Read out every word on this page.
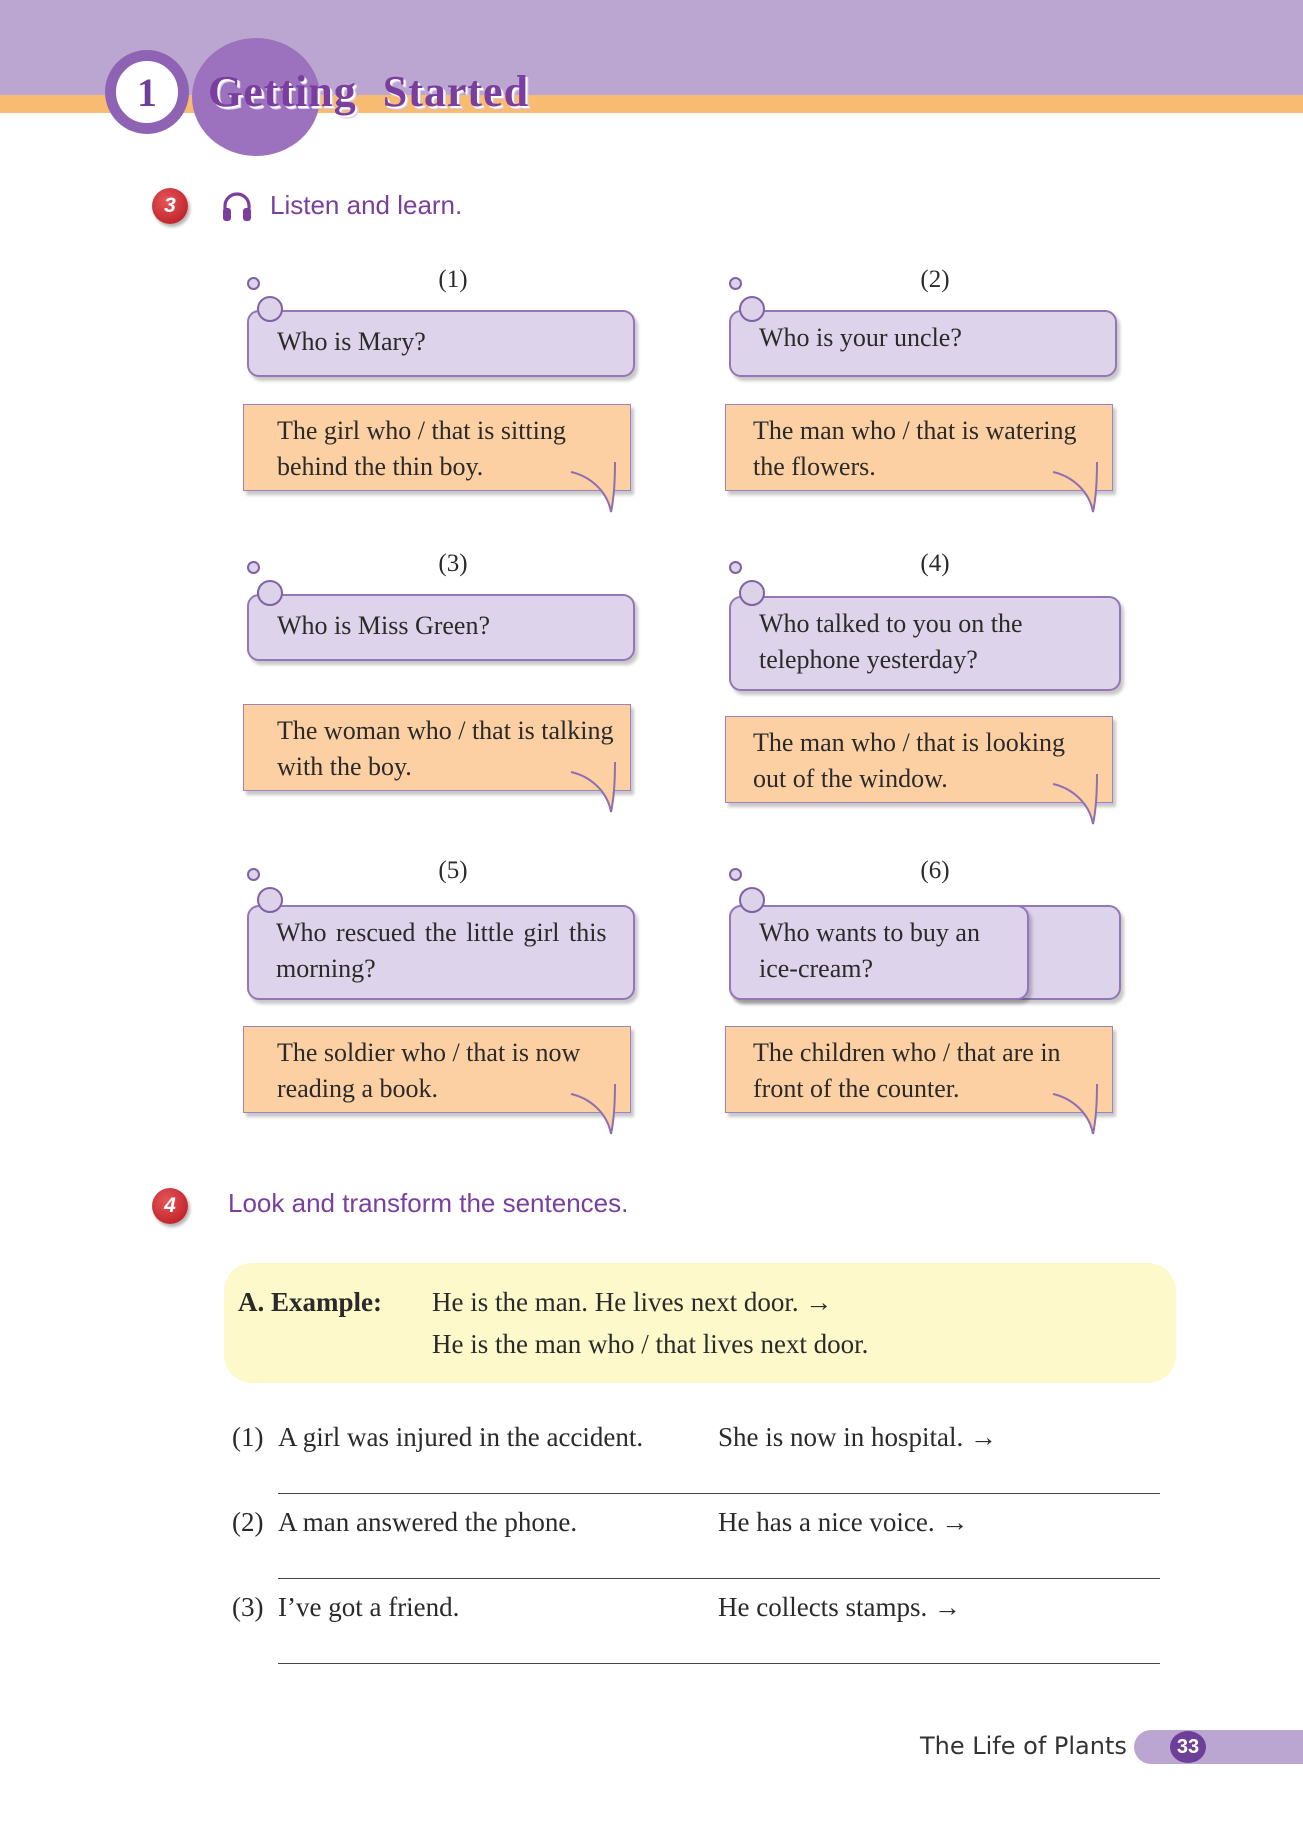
1 Getting Started
3	Listen and learn.
(1)
Who is Mary?
The girl who / that is sitting behind the thin boy.
(2)
Who is your uncle?
The man who / that is watering the flowers.
(3)
Who is Miss Green?
The woman who / that is talking with the boy.
(4)
Who talked to you on the telephone yesterday?
The man who / that is looking out of the window.
(5)
Who rescued the little girl this morning?
The soldier who / that is now reading a book.
(6)
Who wants to buy an ice-cream?
The children who / that are in front of the counter.
4 Look and transform the sentences.
A. Example: He is the man. He lives next door. →
He is the man who / that lives next door.
(1) A girl was injured in the accident.	She is now in hospital. →
(2) A man answered the phone.	He has a nice voice. →
(3) I’ve got a friend.	He collects stamps. →
The Life of Plants 33
